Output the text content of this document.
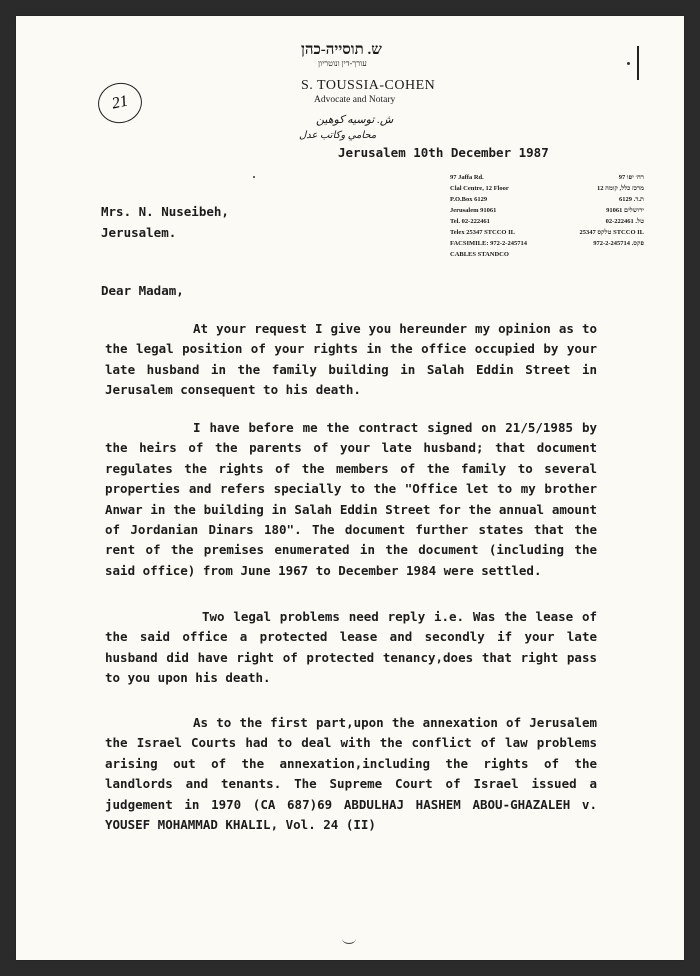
21
ש. תוסייה-כהן
עורך-דין ונוטריון
S. TOUSSIA-COHEN
Advocate and Notary
ش. توسيه كوهين
محامي وكاتب عدل
Jerusalem 10th December 1987
97 Jaffa Rd.
Clal Centre, 12 Floor
P.O.Box 6129
Jerusalem 91061
Tel. 02-222461
Telex 25347 STCCO IL
FACSIMILE: 972-2-245714
CABLES STANDCO
רח׳ יפו 97
מרכז כלל, קומה 12
ת.ד. 6129
ירושלים 91061
טל. 02-222461
טלקס 25347 STCCO IL
פקס. 972-2-245714
Mrs. N. Nuseibeh,
Jerusalem.
Dear Madam,

At your request I give you hereunder my opinion as to the legal position of your rights in the office occupied by your late husband in the family building in Salah Eddin Street in Jerusalem consequent to his death.

I have before me the contract signed on 21/5/1985 by the heirs of the parents of your late husband; that document regulates the rights of the members of the family to several properties and refers specially to the "Office let to my brother Anwar in the building in Salah Eddin Street for the annual amount of Jordanian Dinars 180". The document further states that the rent of the premises enumerated in the document (including the said office) from June 1967 to December 1984 were settled.

Two legal problems need reply i.e. Was the lease of the said office a protected lease and secondly if your late husband did have right of protected tenancy,does that right pass to you upon his death.

As to the first part,upon the annexation of Jerusalem the Israel Courts had to deal with the conflict of law problems arising out of the annexation,including the rights of the landlords and tenants. The Supreme Court of Israel issued a judgement in 1970 (CA 687)69 ABDULHAJ HASHEM ABOU-GHAZALEH v. YOUSEF MOHAMMAD KHALIL, Vol. 24 (II)
